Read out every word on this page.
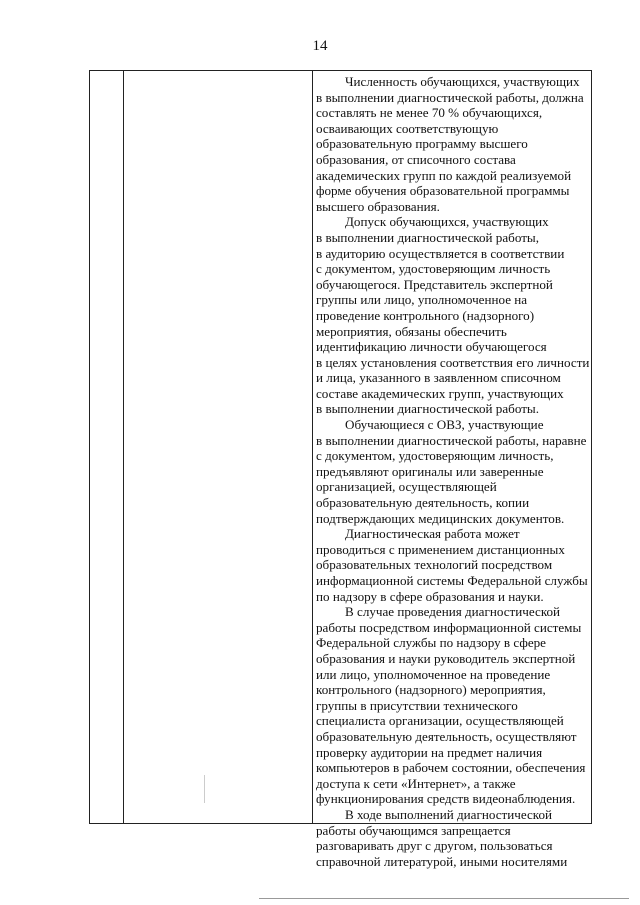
14

Численность обучающихся, участвующих
в выполнении диагностической работы, должна
составлять не менее 70 % обучающихся,
осваивающих соответствующую
образовательную программу высшего
образования, от списочного состава
академических групп по каждой реализуемой
форме обучения образовательной программы
высшего образования.

Допуск обучающихся, участвующих
в выполнении диагностической работы,
в аудиторию осуществляется в соответствии
с документом, удостоверяющим личность
обучающегося. Представитель экспертной
группы или лицо, уполномоченное на
проведение контрольного (надзорного)
мероприятия, обязаны обеспечить
идентификацию личности обучающегося
в целях установления соответствия его личности
и лица, указанного в заявленном списочном
составе академических групп, участвующих
в выполнении диагностической работы.

Обучающиеся с ОВЗ, участвующие
в выполнении диагностической работы, наравне
с документом, удостоверяющим личность,
предъявляют оригиналы или заверенные
организацией, осуществляющей
образовательную деятельность, копии
подтверждающих медицинских документов.

Диагностическая работа может
проводиться с применением дистанционных
образовательных технологий посредством
информационной системы Федеральной службы
по надзору в сфере образования и науки.

В случае проведения диагностической
работы посредством информационной системы
Федеральной службы по надзору в сфере
образования и науки руководитель экспертной
или лицо, уполномоченное на проведение
контрольного (надзорного) мероприятия,
группы в присутствии технического
специалиста организации, осуществляющей
образовательную деятельность, осуществляют
проверку аудитории на предмет наличия
компьютеров в рабочем состоянии, обеспечения
доступа к сети «Интернет», а также
функционирования средств видеонаблюдения.

В ходе выполнений диагностической
работы обучающимся запрещается
разговаривать друг с другом, пользоваться
справочной литературой, иными носителями
